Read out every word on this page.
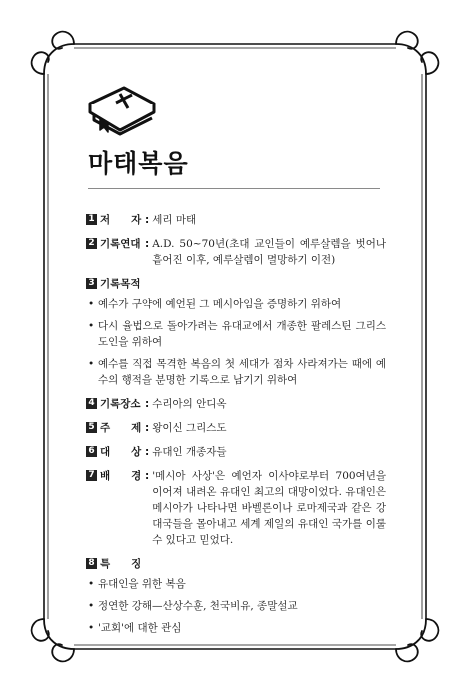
마태복음
1 저　　자 : 세리 마태
2 기록연대 : A.D. 50~70년(초대 교인들이 예루살렘을 벗어나 흩어진 이후, 예루살렘이 멸망하기 이전)
3 기록목적
• 예수가 구약에 예언된 그 메시아임을 증명하기 위하여
• 다시 율법으로 돌아가려는 유대교에서 개종한 팔레스틴 그리스도인을 위하여
• 예수를 직접 목격한 복음의 첫 세대가 점차 사라져가는 때에 예수의 행적을 분명한 기록으로 남기기 위하여
4 기록장소 : 수리아의 안디옥
5 주　　제 : 왕이신 그리스도
6 대　　상 : 유대인 개종자들
7 배　　경 : '메시아 사상'은 예언자 이사야로부터 700여년을 이어져 내려온 유대인 최고의 대망이었다. 유대인은 메시아가 나타나면 바벨론이나 로마제국과 같은 강대국들을 몰아내고 세계 제일의 유대인 국가를 이룰 수 있다고 믿었다.
8 특　　징
• 유대인을 위한 복음
• 정연한 강해—산상수훈, 천국비유, 종말설교
• '교회'에 대한 관심
